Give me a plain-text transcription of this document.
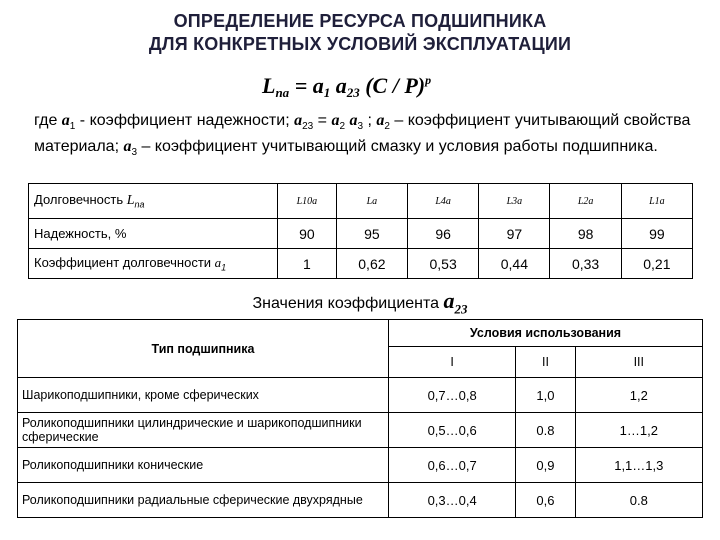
ОПРЕДЕЛЕНИЕ РЕСУРСА ПОДШИПНИКА
ДЛЯ КОНКРЕТНЫХ УСЛОВИЙ ЭКСПЛУАТАЦИИ
$L_{na} = a_1$ $a_{23}$ (C / P)$^p$
где $a_1$ - коэффициент надежности; $a_{23} = a_2$ $a_3$ ; $a_2$ – коэффициент учитывающий свойства материала; $a_3$ – коэффициент учитывающий смазку и условия работы подшипника.
Долговечность $L_{na}$	L10a	La	L4a	L3a	L2a	L1a
Надежность, %	90	95	96	97	98	99
Коэффициент долговечности $a_1$	1	0,62	0,53	0,44	0,33	0,21
Значения коэффициента $a_{23}$
Тип подшипника	Условия использования		
	I	II	III
Шарикоподшипники, кроме сферических	0,7…0,8	1,0	1,2
Роликоподшипники цилиндрические и шарикоподшипники сферические	0,5…0,6	0.8	1…1,2
Роликоподшипники конические	0,6…0,7	0,9	1,1…1,3
Роликоподшипники радиальные сферические двухрядные	0,3…0,4	0,6	0.8
